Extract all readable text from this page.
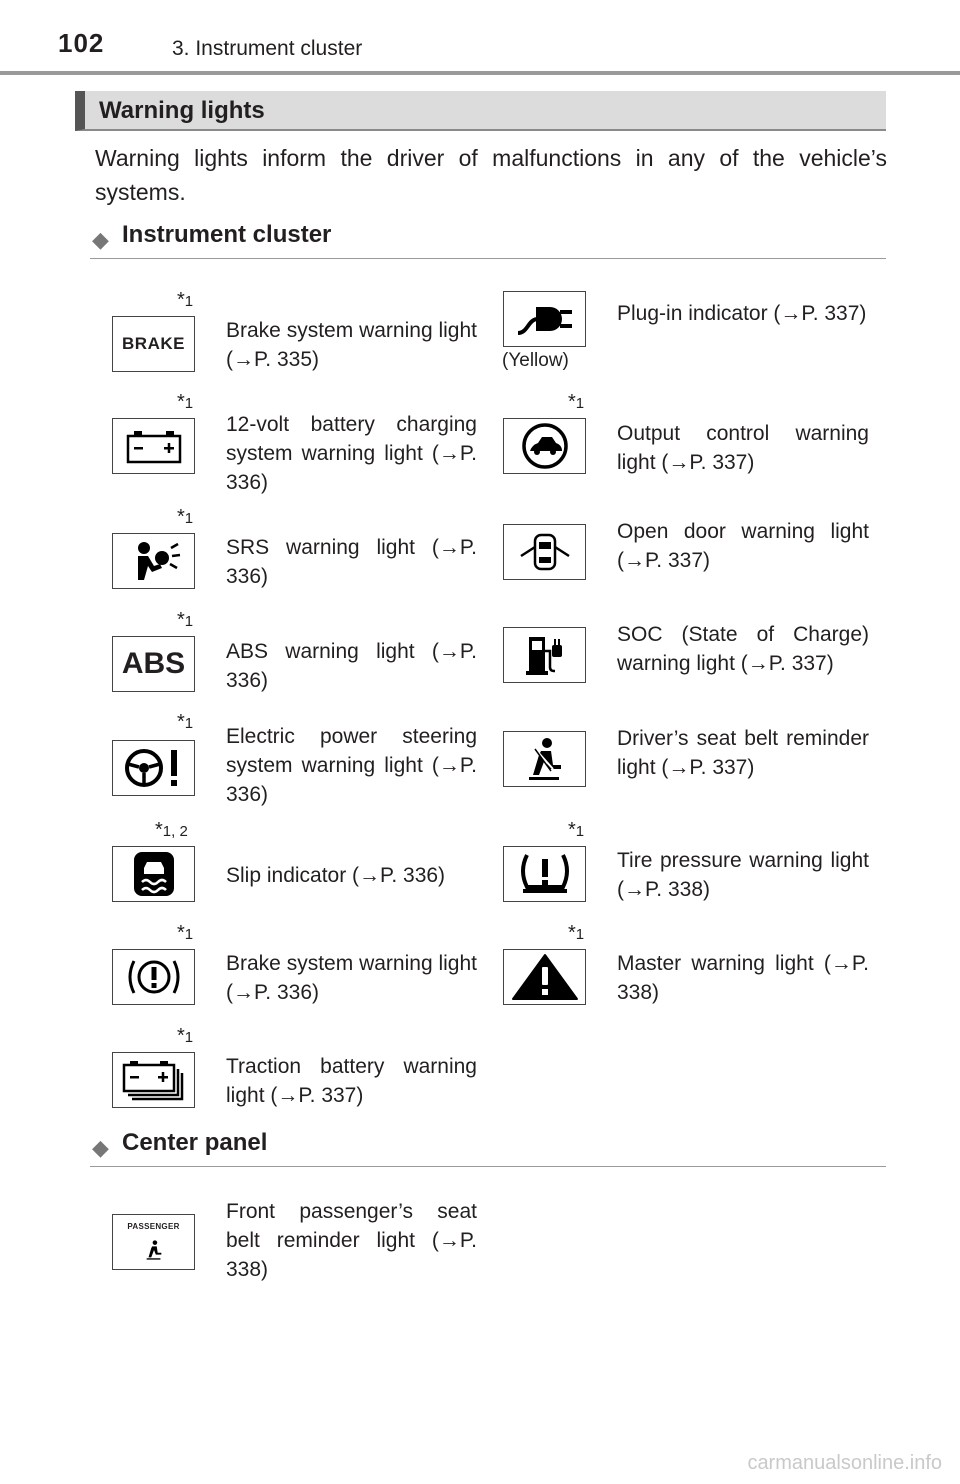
102	3. Instrument cluster
Warning lights

Warning lights inform the driver of malfunctions in any of the vehicle’s systems.

◆ Instrument cluster
*1
BRAKE
Brake system warning light (→P. 335)	(Yellow)
Plug-in indicator (→P. 337)
*1
12-volt battery charging system warning light (→P. 336)
*1
Output control warning light (→P. 337)
*1
SRS warning light (→P. 336)
Open door warning light (→P. 337)
*1
ABS ABS warning light (→P. 336)
SOC (State of Charge) warning light (→P. 337)
*1
Electric power steering system warning light (→P. 336)
Driver’s seat belt reminder light (→P. 337)
*1, 2
Slip indicator (→P. 336)
*1
Tire pressure warning light (→P. 338)
*1
Brake system warning light (→P. 336)
*1
Master warning light (→P. 338)
*1
Traction battery warning light (→P. 337)
◆ Center panel
PASSENGER
Front passenger’s seat belt reminder light (→P. 338)
carmanualsonline.info
